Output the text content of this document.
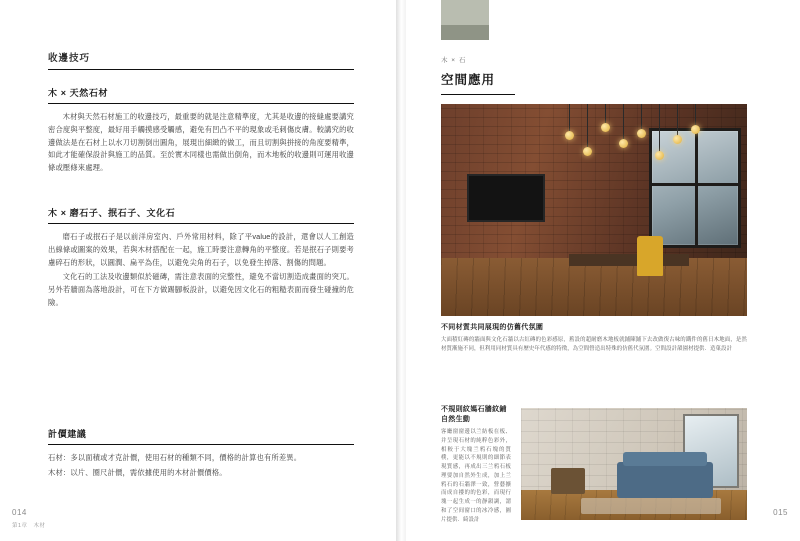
收邊技巧
木 × 天然石材

木材與天然石材施工的收邊技巧，最重要的就是注意精準度，尤其是收邊的接縫處要講究密合度與平整度，最好用手觸摸感受觸感，避免有凹凸不平的現象或毛刺傷皮膚。較講究的收邊做法是在石材上以水刀切割倒出圓角，展現出細緻的做工，而且切割與拼接的角度要精準，如此才能確保設計與施工的品質。至於實木同樣也需做出倒角，而木地板的收邊則可運用收邊條或壓條來處理。

木 × 磨石子、抿石子、文化石

磨石子或抿石子是以前洋房室內、戶外常用材料，除了平value的設計，還會以人工創造出線條或圖案的效果，若與木材搭配在一起，施工時要注意轉角的平整度。若是抿石子則要考慮碎石的形狀，以圓潤、扁平為佳，以避免尖角的石子，以免發生掉落、割傷的問題。

文化石的工法及收邊類似於磁磚，需注意表面的完整性，避免不當切割造成畫面的突兀。另外若牆面為落地設計，可在下方做踢腳板設計，以避免因文化石的粗糙表面而發生碰撞的危險。

計價建議

石材：多以面積或才克計價，使用石材的種類不同，價格的計算也有所差異。

木材：以片、圈尺計價，需依據使用的木材計價價格。

014
第1章　木材
木 × 石
空間應用
不同材質共同展現的仿舊代氛圍
大面積紅磚的牆面與文化石牆以古紅磚的色彩感原，舊設的超耐磨木地板就鋪陳鋪下去改做復古味的鐵件的舊日木地面，是然材質漸施不同，但利用同材質具有歷史年代感的特徵，為空間營造出特殊的仿舊代氛圍。空間設計韻園材提供．造菓設計
不規則紋媽石牆紋鋪自然生動
客廳窗窗邊以兰紡板在板、并呈現石材的純粹色彩外，相較于大塊兰鸦石塊的質樸，更能以不規則的細節表現質感，再成出三兰鸦石板理要加自然外生成，加上兰鸦石的石牆澤一致，營藝擴而成自摟的的色彩，而現行塊一起生成一的靜韻調，謂和了空间窗口的冰冷感，圖片提供．綺設計
015
